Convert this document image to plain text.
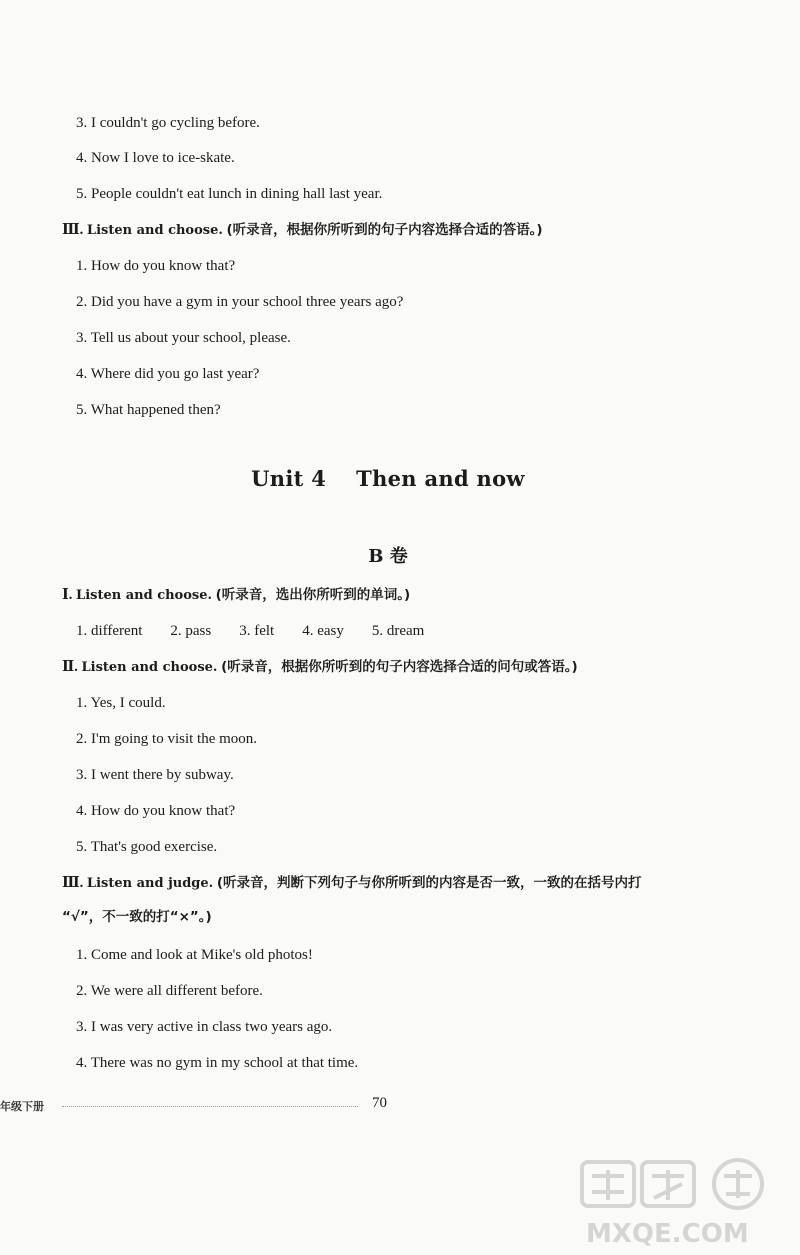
3. I couldn't go cycling before.
4. Now I love to ice-skate.
5. People couldn't eat lunch in dining hall last year.
Ⅲ. Listen and choose. (听录音，根据你所听到的句子内容选择合适的答语。)
1. How do you know that?
2. Did you have a gym in your school three years ago?
3. Tell us about your school, please.
4. Where did you go last year?
5. What happened then?
Unit 4 Then and now
B 卷
Ⅰ. Listen and choose. (听录音，选出你所听到的单词。)
1. different 2. pass 3. felt 4. easy 5. dream
Ⅱ. Listen and choose. (听录音，根据你所听到的句子内容选择合适的问句或答语。)
1. Yes, I could.
2. I'm going to visit the moon.
3. I went there by subway.
4. How do you know that?
5. That's good exercise.
Ⅲ. Listen and judge. (听录音，判断下列句子与你所听到的内容是否一致，一致的在括号内打
“√”，不一致的打“×”。)
1. Come and look at Mike's old photos!
2. We were all different before.
3. I was very active in class two years ago.
4. There was no gym in my school at that time.
年级下册	70
MXQE.COM
